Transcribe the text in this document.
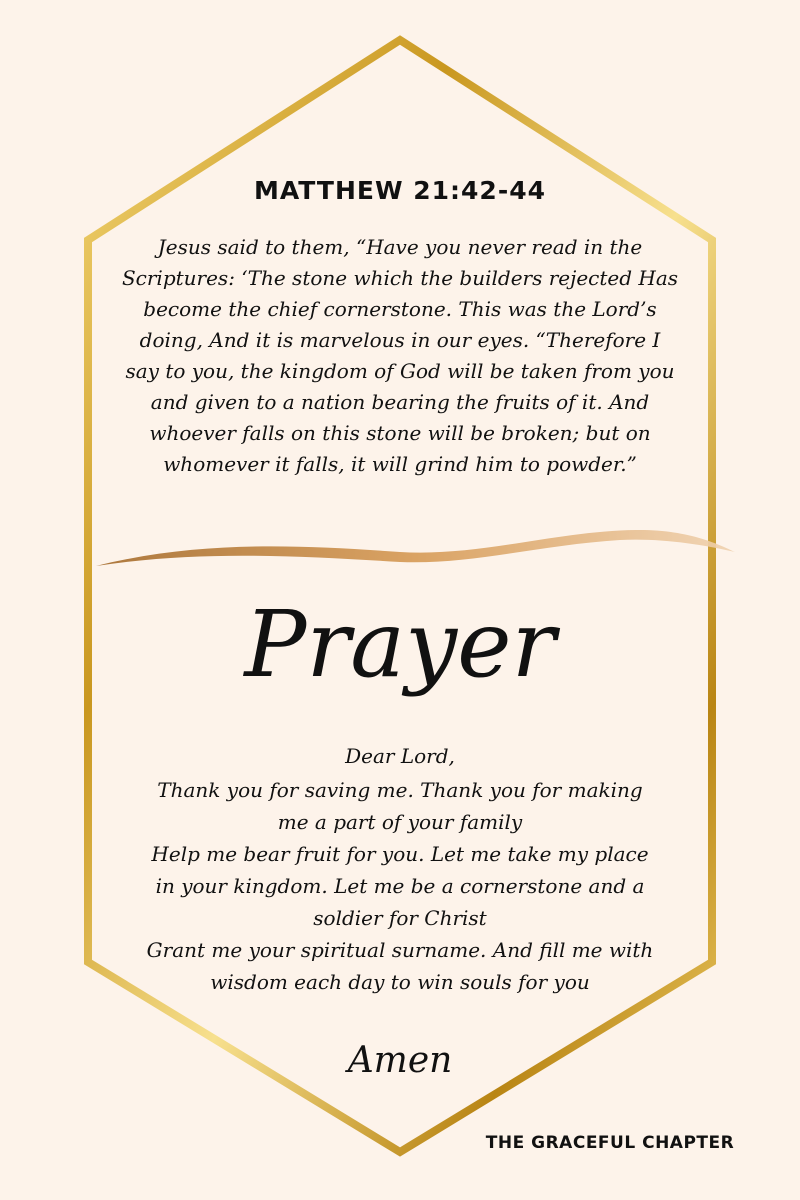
MATTHEW 21:42-44
Jesus said to them, “Have you never read in the Scriptures: ‘The stone which the builders rejected Has become the chief cornerstone. This was the Lord’s doing, And it is marvelous in our eyes. “Therefore I say to you, the kingdom of God will be taken from you and given to a nation bearing the fruits of it. And whoever falls on this stone will be broken; but on whomever it falls, it will grind him to powder.”
Prayer
Dear Lord,
Thank you for saving me. Thank you for making me a part of your family
Help me bear fruit for you. Let me take my place in your kingdom. Let me be a cornerstone and a soldier for Christ
Grant me your spiritual surname. And fill me with wisdom each day to win souls for you
Amen
THE GRACEFUL CHAPTER
